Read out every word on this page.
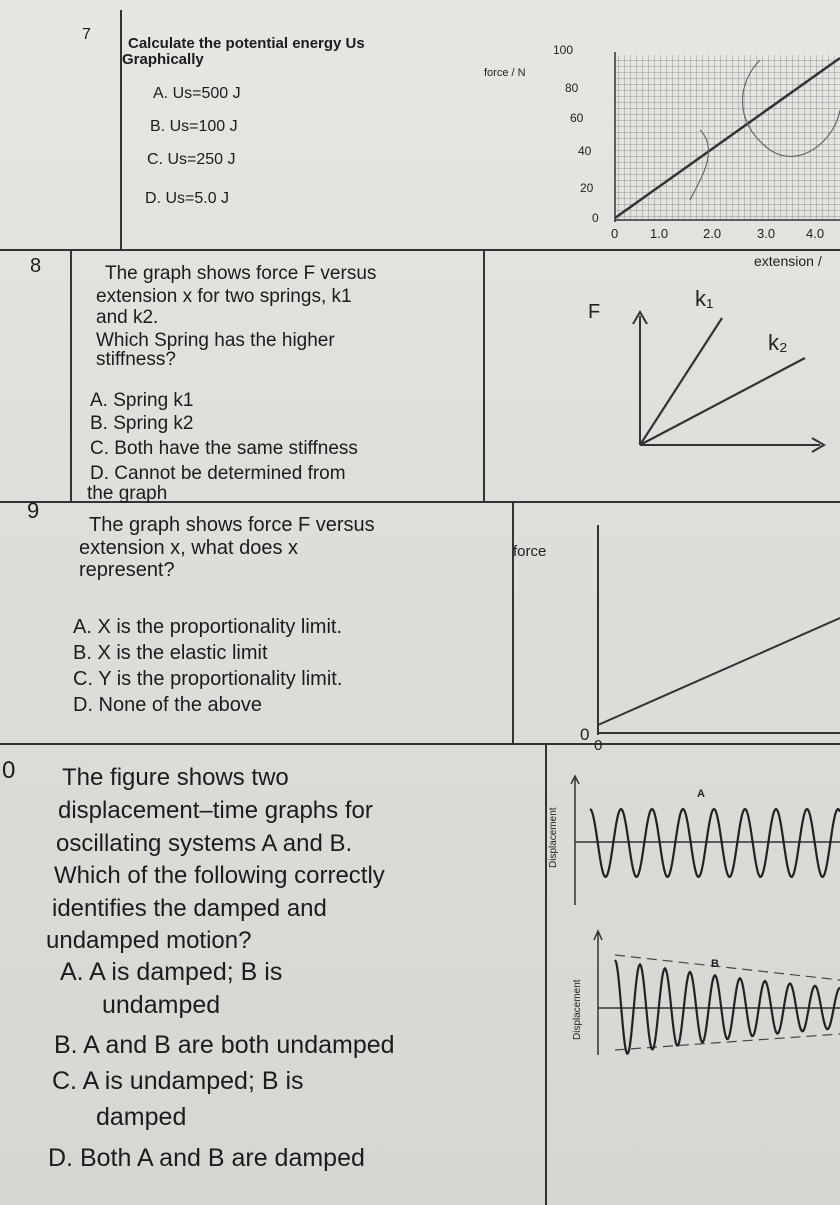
7
Calculate the potential energy Us
Graphically
A. Us=500 J
B. Us=100 J
C. Us=250 J
D. Us=5.0 J
force / N
0
20
40
60
80
100
0 1.0	2.0	3.0 4.0
extension /
8	The graph shows force F versus
extension x for two springs, k1
and k2.
Which Spring has the higher
stiffness?
A. Spring k1
B. Spring k2
C. Both have the same stiffness
D. Cannot be determined from
the graph
F
k₁
k₂
9
The graph shows force F versus
extension x, what does x
represent?
A. X is the proportionality limit.
B. X is the elastic limit
C. Y is the proportionality limit.
D. None of the above
force
0
0
0 The figure shows two
displacement–time graphs for
oscillating systems A and B.
Which of the following correctly
identifies the damped and
undamped motion?
A. A is damped; B is
undamped
B. A and B are both undamped
C. A is undamped; B is
damped
D. Both A and B are damped
Displacement
A
Displacement
B
